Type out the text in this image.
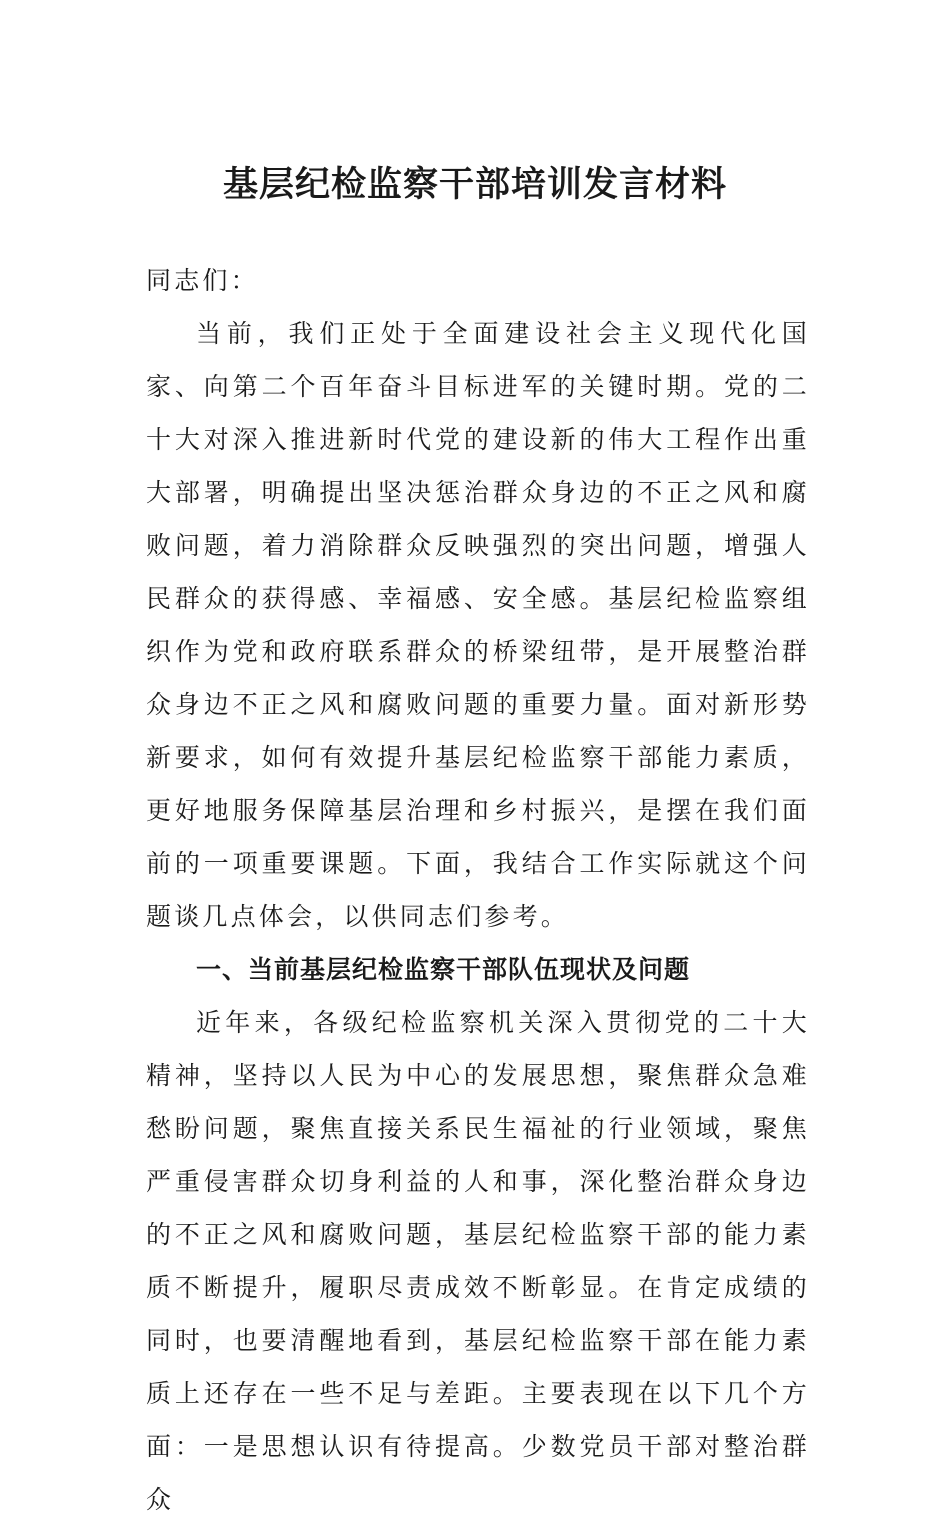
基层纪检监察干部培训发言材料

同志们：

当前，我们正处于全面建设社会主义现代化国家、向第二个百年奋斗目标进军的关键时期。党的二十大对深入推进新时代党的建设新的伟大工程作出重大部署，明确提出坚决惩治群众身边的不正之风和腐败问题，着力消除群众反映强烈的突出问题，增强人民群众的获得感、幸福感、安全感。基层纪检监察组织作为党和政府联系群众的桥梁纽带，是开展整治群众身边不正之风和腐败问题的重要力量。面对新形势新要求，如何有效提升基层纪检监察干部能力素质，更好地服务保障基层治理和乡村振兴，是摆在我们面前的一项重要课题。下面，我结合工作实际就这个问题谈几点体会，以供同志们参考。

一、当前基层纪检监察干部队伍现状及问题

近年来，各级纪检监察机关深入贯彻党的二十大精神，坚持以人民为中心的发展思想，聚焦群众急难愁盼问题，聚焦直接关系民生福祉的行业领域，聚焦严重侵害群众切身利益的人和事，深化整治群众身边的不正之风和腐败问题，基层纪检监察干部的能力素质不断提升，履职尽责成效不断彰显。在肯定成绩的同时，也要清醒地看到，基层纪检监察干部在能力素质上还存在一些不足与差距。主要表现在以下几个方面：一是思想认识有待提高。少数党员干部对整治群众
